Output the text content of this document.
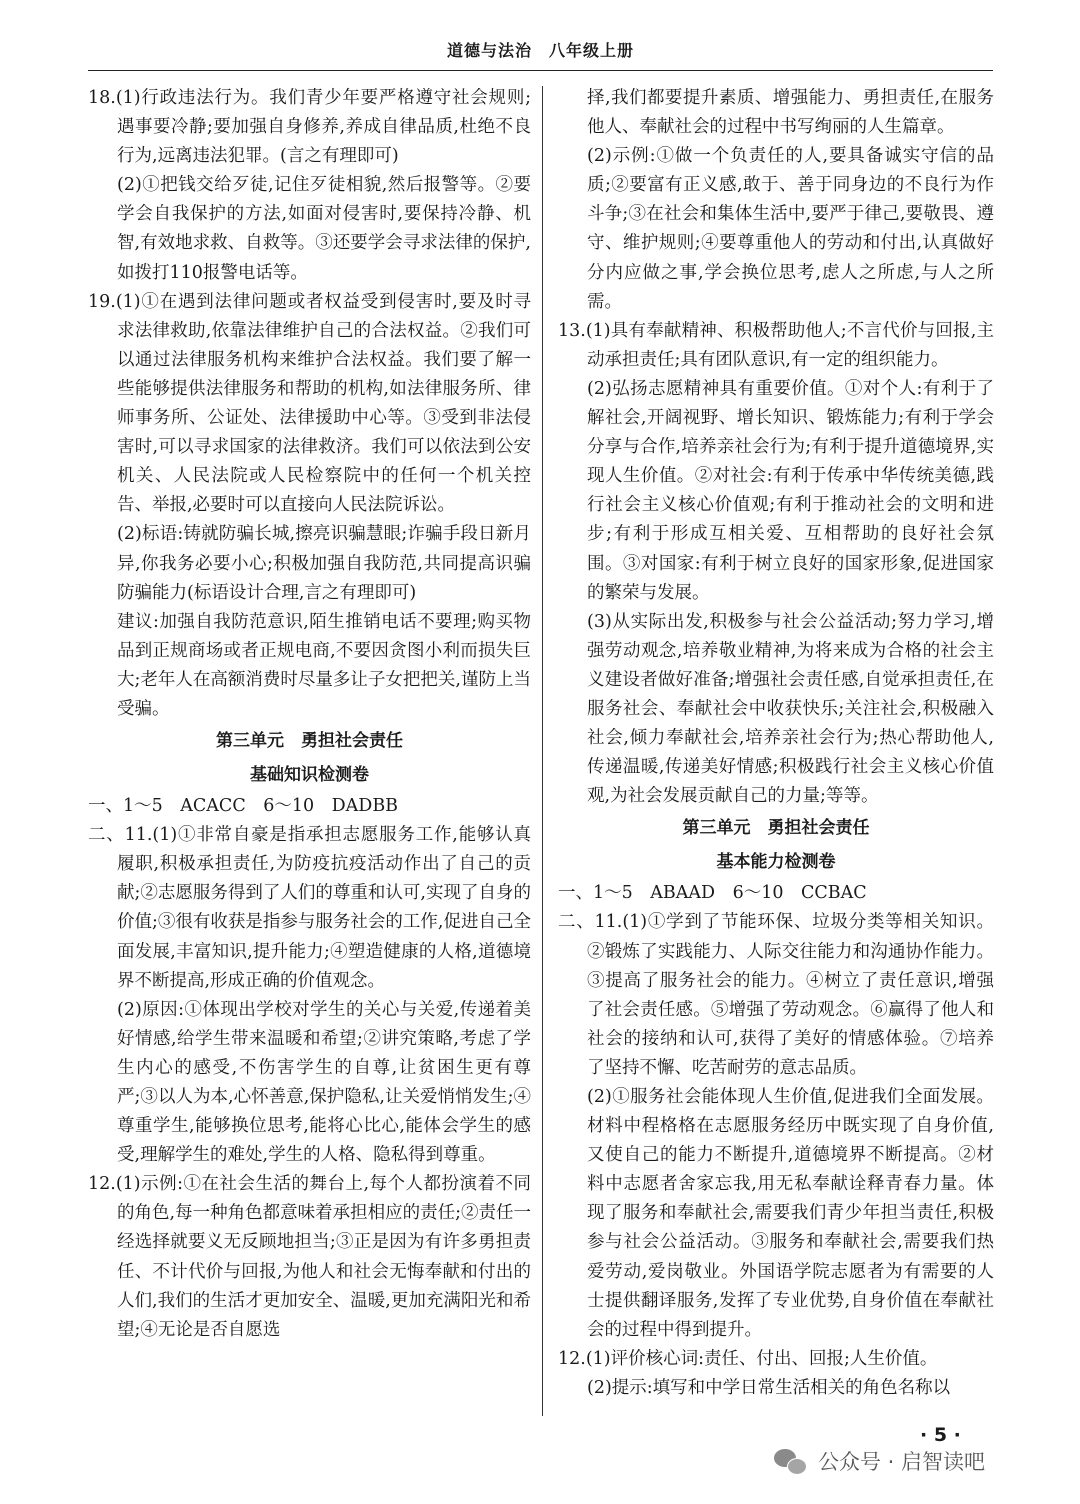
道德与法治　八年级上册

18.(1)行政违法行为。我们青少年要严格遵守社会规则;遇事要冷静;要加强自身修养,养成自律品质,杜绝不良行为,远离违法犯罪。(言之有理即可)

(2)①把钱交给歹徒,记住歹徒相貌,然后报警等。②要学会自我保护的方法,如面对侵害时,要保持冷静、机智,有效地求救、自救等。③还要学会寻求法律的保护,如拨打110报警电话等。

19.(1)①在遇到法律问题或者权益受到侵害时,要及时寻求法律救助,依靠法律维护自己的合法权益。②我们可以通过法律服务机构来维护合法权益。我们要了解一些能够提供法律服务和帮助的机构,如法律服务所、律师事务所、公证处、法律援助中心等。③受到非法侵害时,可以寻求国家的法律救济。我们可以依法到公安机关、人民法院或人民检察院中的任何一个机关控告、举报,必要时可以直接向人民法院诉讼。

(2)标语:铸就防骗长城,擦亮识骗慧眼;诈骗手段日新月异,你我务必要小心;积极加强自我防范,共同提高识骗防骗能力(标语设计合理,言之有理即可)

建议:加强自我防范意识,陌生推销电话不要理;购买物品到正规商场或者正规电商,不要因贪图小利而损失巨大;老年人在高额消费时尽量多让子女把把关,谨防上当受骗。

第三单元　勇担社会责任

基础知识检测卷

一、1～5　ACACC　6～10　DADBB

二、11.(1)①非常自豪是指承担志愿服务工作,能够认真履职,积极承担责任,为防疫抗疫活动作出了自己的贡献;②志愿服务得到了人们的尊重和认可,实现了自身的价值;③很有收获是指参与服务社会的工作,促进自己全面发展,丰富知识,提升能力;④塑造健康的人格,道德境界不断提高,形成正确的价值观念。

(2)原因:①体现出学校对学生的关心与关爱,传递着美好情感,给学生带来温暖和希望;②讲究策略,考虑了学生内心的感受,不伤害学生的自尊,让贫困生更有尊严;③以人为本,心怀善意,保护隐私,让关爱悄悄发生;④尊重学生,能够换位思考,能将心比心,能体会学生的感受,理解学生的难处,学生的人格、隐私得到尊重。

12.(1)示例:①在社会生活的舞台上,每个人都扮演着不同的角色,每一种角色都意味着承担相应的责任;②责任一经选择就要义无反顾地担当;③正是因为有许多勇担责任、不计代价与回报,为他人和社会无悔奉献和付出的人们,我们的生活才更加安全、温暖,更加充满阳光和希望;④无论是否自愿选

择,我们都要提升素质、增强能力、勇担责任,在服务他人、奉献社会的过程中书写绚丽的人生篇章。

(2)示例:①做一个负责任的人,要具备诚实守信的品质;②要富有正义感,敢于、善于同身边的不良行为作斗争;③在社会和集体生活中,要严于律己,要敬畏、遵守、维护规则;④要尊重他人的劳动和付出,认真做好分内应做之事,学会换位思考,虑人之所虑,与人之所需。

13.(1)具有奉献精神、积极帮助他人;不言代价与回报,主动承担责任;具有团队意识,有一定的组织能力。

(2)弘扬志愿精神具有重要价值。①对个人:有利于了解社会,开阔视野、增长知识、锻炼能力;有利于学会分享与合作,培养亲社会行为;有利于提升道德境界,实现人生价值。②对社会:有利于传承中华传统美德,践行社会主义核心价值观;有利于推动社会的文明和进步;有利于形成互相关爱、互相帮助的良好社会氛围。③对国家:有利于树立良好的国家形象,促进国家的繁荣与发展。

(3)从实际出发,积极参与社会公益活动;努力学习,增强劳动观念,培养敬业精神,为将来成为合格的社会主义建设者做好准备;增强社会责任感,自觉承担责任,在服务社会、奉献社会中收获快乐;关注社会,积极融入社会,倾力奉献社会,培养亲社会行为;热心帮助他人,传递温暖,传递美好情感;积极践行社会主义核心价值观,为社会发展贡献自己的力量;等等。

第三单元　勇担社会责任

基本能力检测卷

一、1～5　ABAAD　6～10　CCBAC

二、11.(1)①学到了节能环保、垃圾分类等相关知识。②锻炼了实践能力、人际交往能力和沟通协作能力。③提高了服务社会的能力。④树立了责任意识,增强了社会责任感。⑤增强了劳动观念。⑥赢得了他人和社会的接纳和认可,获得了美好的情感体验。⑦培养了坚持不懈、吃苦耐劳的意志品质。

(2)①服务社会能体现人生价值,促进我们全面发展。材料中程格格在志愿服务经历中既实现了自身价值,又使自己的能力不断提升,道德境界不断提高。②材料中志愿者舍家忘我,用无私奉献诠释青春力量。体现了服务和奉献社会,需要我们青少年担当责任,积极参与社会公益活动。③服务和奉献社会,需要我们热爱劳动,爱岗敬业。外国语学院志愿者为有需要的人士提供翻译服务,发挥了专业优势,自身价值在奉献社会的过程中得到提升。

12.(1)评价核心词:责任、付出、回报;人生价值。

(2)提示:填写和中学日常生活相关的角色名称以

· 5 ·
公众号 · 启智读吧
